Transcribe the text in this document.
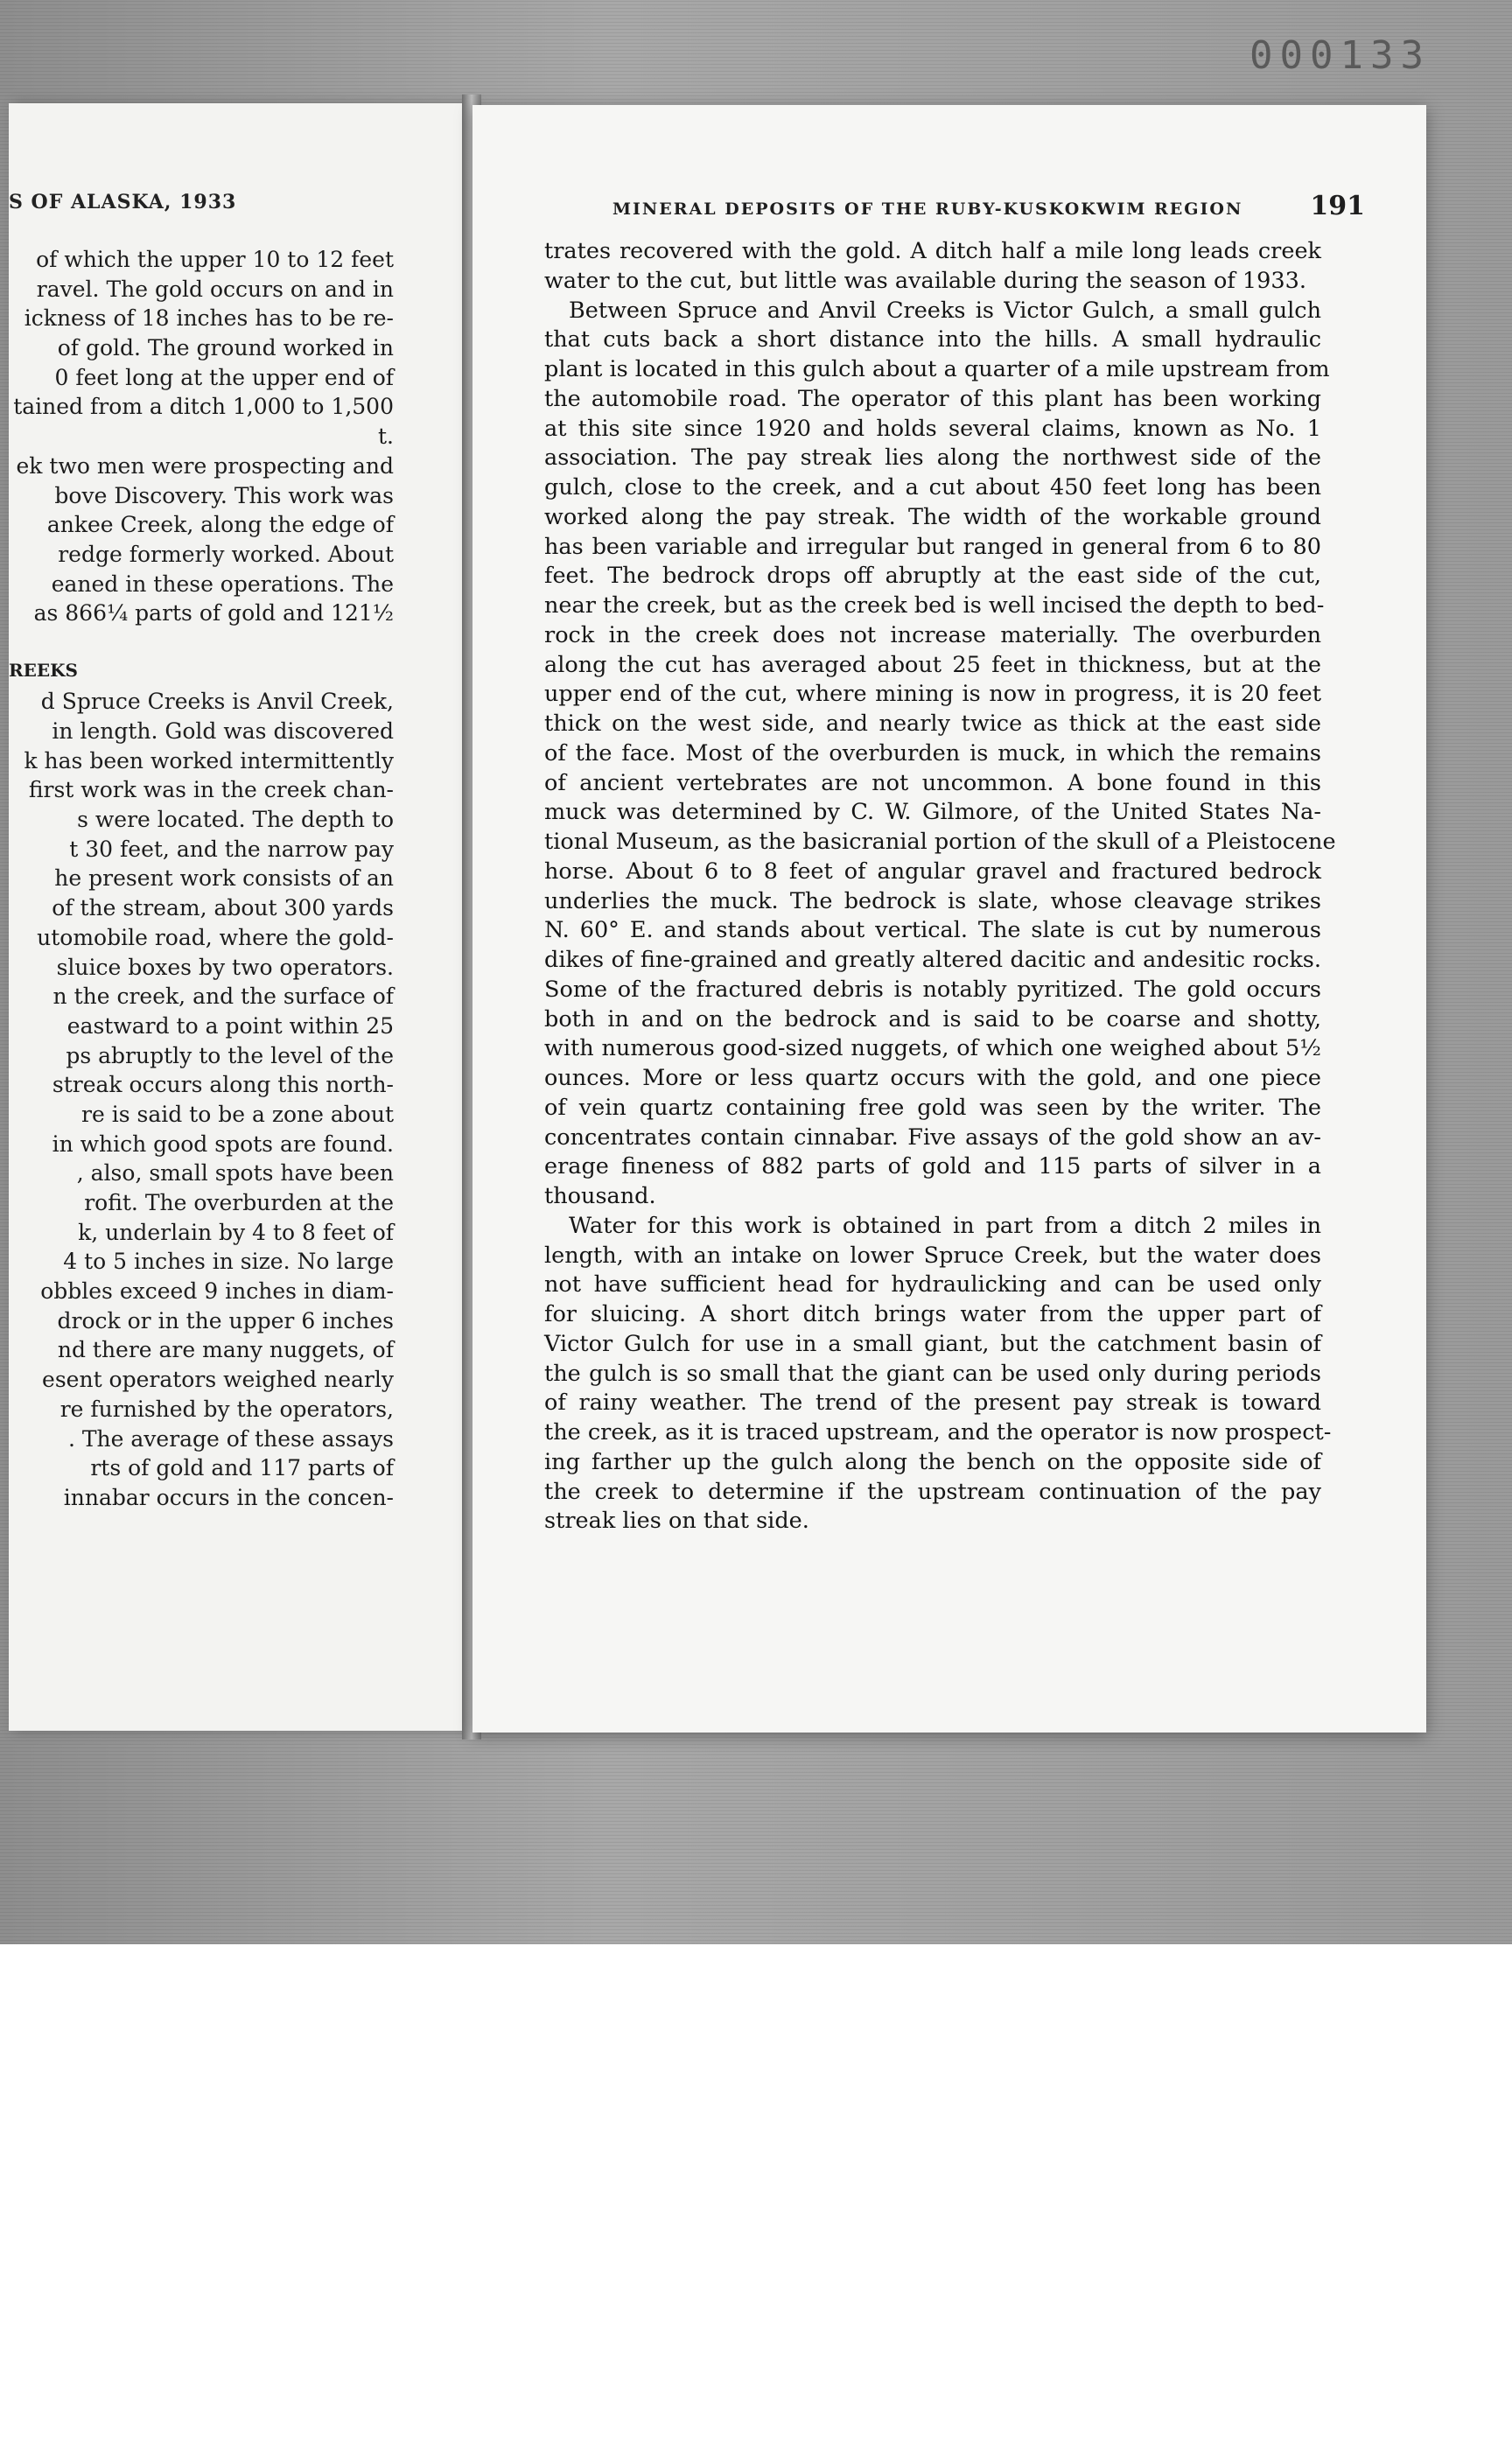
000133
S OF ALASKA, 1933
of which the upper 10 to 12 feet
ravel. The gold occurs on and in
ickness of 18 inches has to be re-
of gold. The ground worked in
0 feet long at the upper end of
tained from a ditch 1,000 to 1,500
t.
ek two men were prospecting and
bove Discovery. This work was
ankee Creek, along the edge of
redge formerly worked. About
eaned in these operations. The
as 866¼ parts of gold and 121½
REEKS
d Spruce Creeks is Anvil Creek,
in length. Gold was discovered
k has been worked intermittently
first work was in the creek chan-
s were located. The depth to
t 30 feet, and the narrow pay
he present work consists of an
of the stream, about 300 yards
utomobile road, where the gold-
sluice boxes by two operators.
n the creek, and the surface of
eastward to a point within 25
ps abruptly to the level of the
streak occurs along this north-
re is said to be a zone about
in which good spots are found.
, also, small spots have been
rofit. The overburden at the
k, underlain by 4 to 8 feet of
4 to 5 inches in size. No large
obbles exceed 9 inches in diam-
drock or in the upper 6 inches
nd there are many nuggets, of
esent operators weighed nearly
re furnished by the operators,
. The average of these assays
rts of gold and 117 parts of
innabar occurs in the concen-
MINERAL DEPOSITS OF THE RUBY-KUSKOKWIM REGION	191
trates recovered with the gold. A ditch half a mile long leads creek
water to the cut, but little was available during the season of 1933.
Between Spruce and Anvil Creeks is Victor Gulch, a small gulch
that cuts back a short distance into the hills. A small hydraulic
plant is located in this gulch about a quarter of a mile upstream from
the automobile road. The operator of this plant has been working
at this site since 1920 and holds several claims, known as No. 1
association. The pay streak lies along the northwest side of the
gulch, close to the creek, and a cut about 450 feet long has been
worked along the pay streak. The width of the workable ground
has been variable and irregular but ranged in general from 6 to 80
feet. The bedrock drops off abruptly at the east side of the cut,
near the creek, but as the creek bed is well incised the depth to bed-
rock in the creek does not increase materially. The overburden
along the cut has averaged about 25 feet in thickness, but at the
upper end of the cut, where mining is now in progress, it is 20 feet
thick on the west side, and nearly twice as thick at the east side
of the face. Most of the overburden is muck, in which the remains
of ancient vertebrates are not uncommon. A bone found in this
muck was determined by C. W. Gilmore, of the United States Na-
tional Museum, as the basicranial portion of the skull of a Pleistocene
horse. About 6 to 8 feet of angular gravel and fractured bedrock
underlies the muck. The bedrock is slate, whose cleavage strikes
N. 60° E. and stands about vertical. The slate is cut by numerous
dikes of fine-grained and greatly altered dacitic and andesitic rocks.
Some of the fractured debris is notably pyritized. The gold occurs
both in and on the bedrock and is said to be coarse and shotty,
with numerous good-sized nuggets, of which one weighed about 5½
ounces. More or less quartz occurs with the gold, and one piece
of vein quartz containing free gold was seen by the writer. The
concentrates contain cinnabar. Five assays of the gold show an av-
erage fineness of 882 parts of gold and 115 parts of silver in a
thousand.
Water for this work is obtained in part from a ditch 2 miles in
length, with an intake on lower Spruce Creek, but the water does
not have sufficient head for hydraulicking and can be used only
for sluicing. A short ditch brings water from the upper part of
Victor Gulch for use in a small giant, but the catchment basin of
the gulch is so small that the giant can be used only during periods
of rainy weather. The trend of the present pay streak is toward
the creek, as it is traced upstream, and the operator is now prospect-
ing farther up the gulch along the bench on the opposite side of
the creek to determine if the upstream continuation of the pay
streak lies on that side.
